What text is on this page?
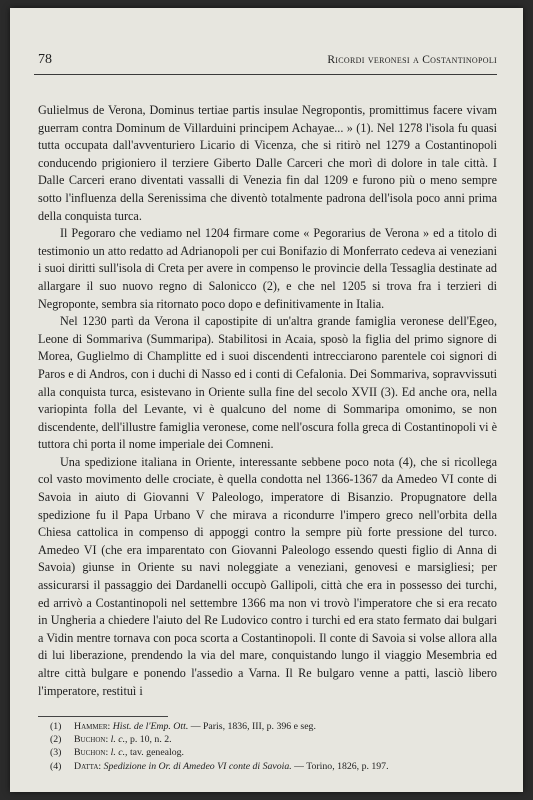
78	Ricordi veronesi a Costantinopoli

Gulielmus de Verona, Dominus tertiae partis insulae Negropontis, promittimus facere vivam guerram contra Dominum de Villarduini principem Achayae... » (1). Nel 1278 l'isola fu quasi tutta occupata dall'avventuriero Licario di Vicenza, che si ritirò nel 1279 a Costantinopoli conducendo prigioniero il terziere Giberto Dalle Carceri che morì di dolore in tale città. I Dalle Carceri erano diventati vassalli di Venezia fin dal 1209 e furono più o meno sempre sotto l'influenza della Serenissima che diventò totalmente padrona dell'isola poco anni prima della conquista turca.

Il Pegoraro che vediamo nel 1204 firmare come « Pegorarius de Verona » ed a titolo di testimonio un atto redatto ad Adrianopoli per cui Bonifazio di Monferrato cedeva ai veneziani i suoi diritti sull'isola di Creta per avere in compenso le provincie della Tessaglia destinate ad allargare il suo nuovo regno di Salonicco (2), e che nel 1205 si trova fra i terzieri di Negroponte, sembra sia ritornato poco dopo e definitivamente in Italia.

Nel 1230 partì da Verona il capostipite di un'altra grande famiglia veronese dell'Egeo, Leone di Sommariva (Summaripa). Stabilitosi in Acaia, sposò la figlia del primo signore di Morea, Guglielmo di Champlitte ed i suoi discendenti intrecciarono parentele coi signori di Paros e di Andros, con i duchi di Nasso ed i conti di Cefalonia. Dei Sommariva, sopravvissuti alla conquista turca, esistevano in Oriente sulla fine del secolo XVII (3). Ed anche ora, nella variopinta folla del Levante, vi è qualcuno del nome di Sommaripa omonimo, se non discendente, dell'illustre famiglia veronese, come nell'oscura folla greca di Costantinopoli vi è tuttora chi porta il nome imperiale dei Comneni.

Una spedizione italiana in Oriente, interessante sebbene poco nota (4), che si ricollega col vasto movimento delle crociate, è quella condotta nel 1366-1367 da Amedeo VI conte di Savoia in aiuto di Giovanni V Paleologo, imperatore di Bisanzio. Propugnatore della spedizione fu il Papa Urbano V che mirava a ricondurre l'impero greco nell'orbita della Chiesa cattolica in compenso di appoggi contro la sempre più forte pressione del turco. Amedeo VI (che era imparentato con Giovanni Paleologo essendo questi figlio di Anna di Savoia) giunse in Oriente su navi noleggiate a veneziani, genovesi e marsigliesi; per assicurarsi il passaggio dei Dardanelli occupò Gallipoli, città che era in possesso dei turchi, ed arrivò a Costantinopoli nel settembre 1366 ma non vi trovò l'imperatore che si era recato in Ungheria a chiedere l'aiuto del Re Ludovico contro i turchi ed era stato fermato dai bulgari a Vidin mentre tornava con poca scorta a Costantinopoli. Il conte di Savoia si volse allora alla di lui liberazione, prendendo la via del mare, conquistando lungo il viaggio Mesembria ed altre città bulgare e ponendo l'assedio a Varna. Il Re bulgaro venne a patti, lasciò libero l'imperatore, restituì i

(1) Hammer: Hist. de l'Emp. Ott. — Paris, 1836, III, p. 396 e seg.

(2) Buchon: l. c., p. 10, n. 2.

(3) Buchon: l. c., tav. genealog.

(4) Datta: Spedizione in Or. di Amedeo VI conte di Savoia. — Torino, 1826, p. 197.
